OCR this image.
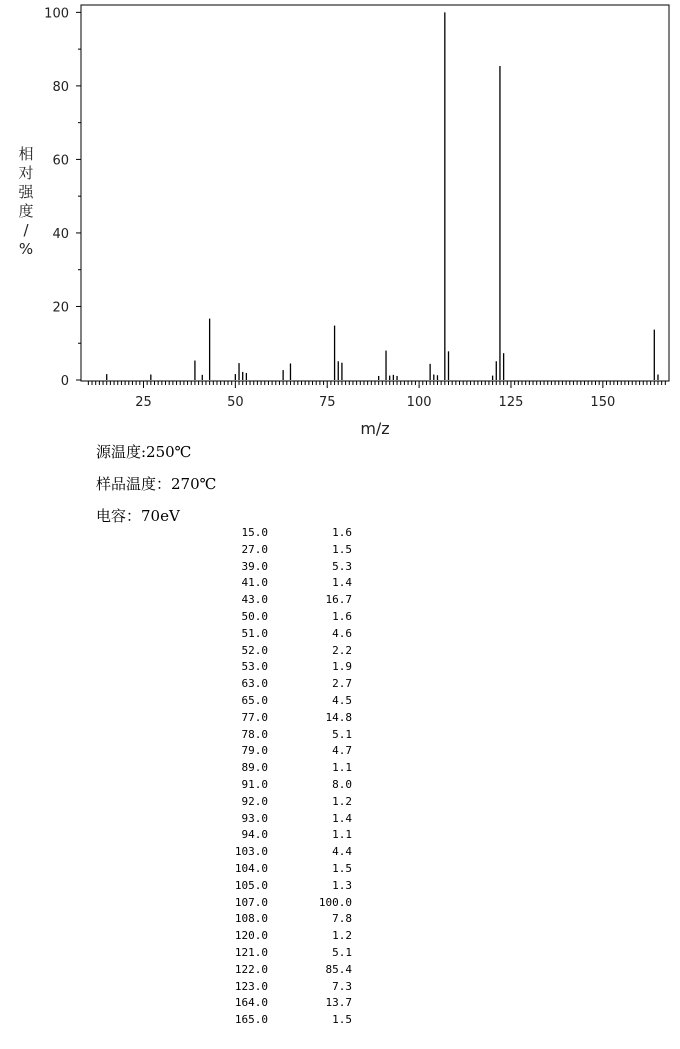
0
20
40
60
80
100
25	50	75	100	125	150
m/z
相对强度/ %
源温度:250℃
样品温度：270℃
电容：70eV
15.0	1.6
27.0	1.5
39.0	5.3
41.0	1.4
43.0	16.7
50.0	1.6
51.0	4.6
52.0	2.2
53.0	1.9
63.0	2.7
65.0	4.5
77.0	14.8
78.0	5.1
79.0	4.7
89.0	1.1
91.0	8.0
92.0	1.2
93.0	1.4
94.0	1.1
103.0	4.4
104.0	1.5
105.0	1.3
107.0	100.0
108.0	7.8
120.0	1.2
121.0	5.1
122.0	85.4
123.0	7.3
164.0	13.7
165.0	1.5
